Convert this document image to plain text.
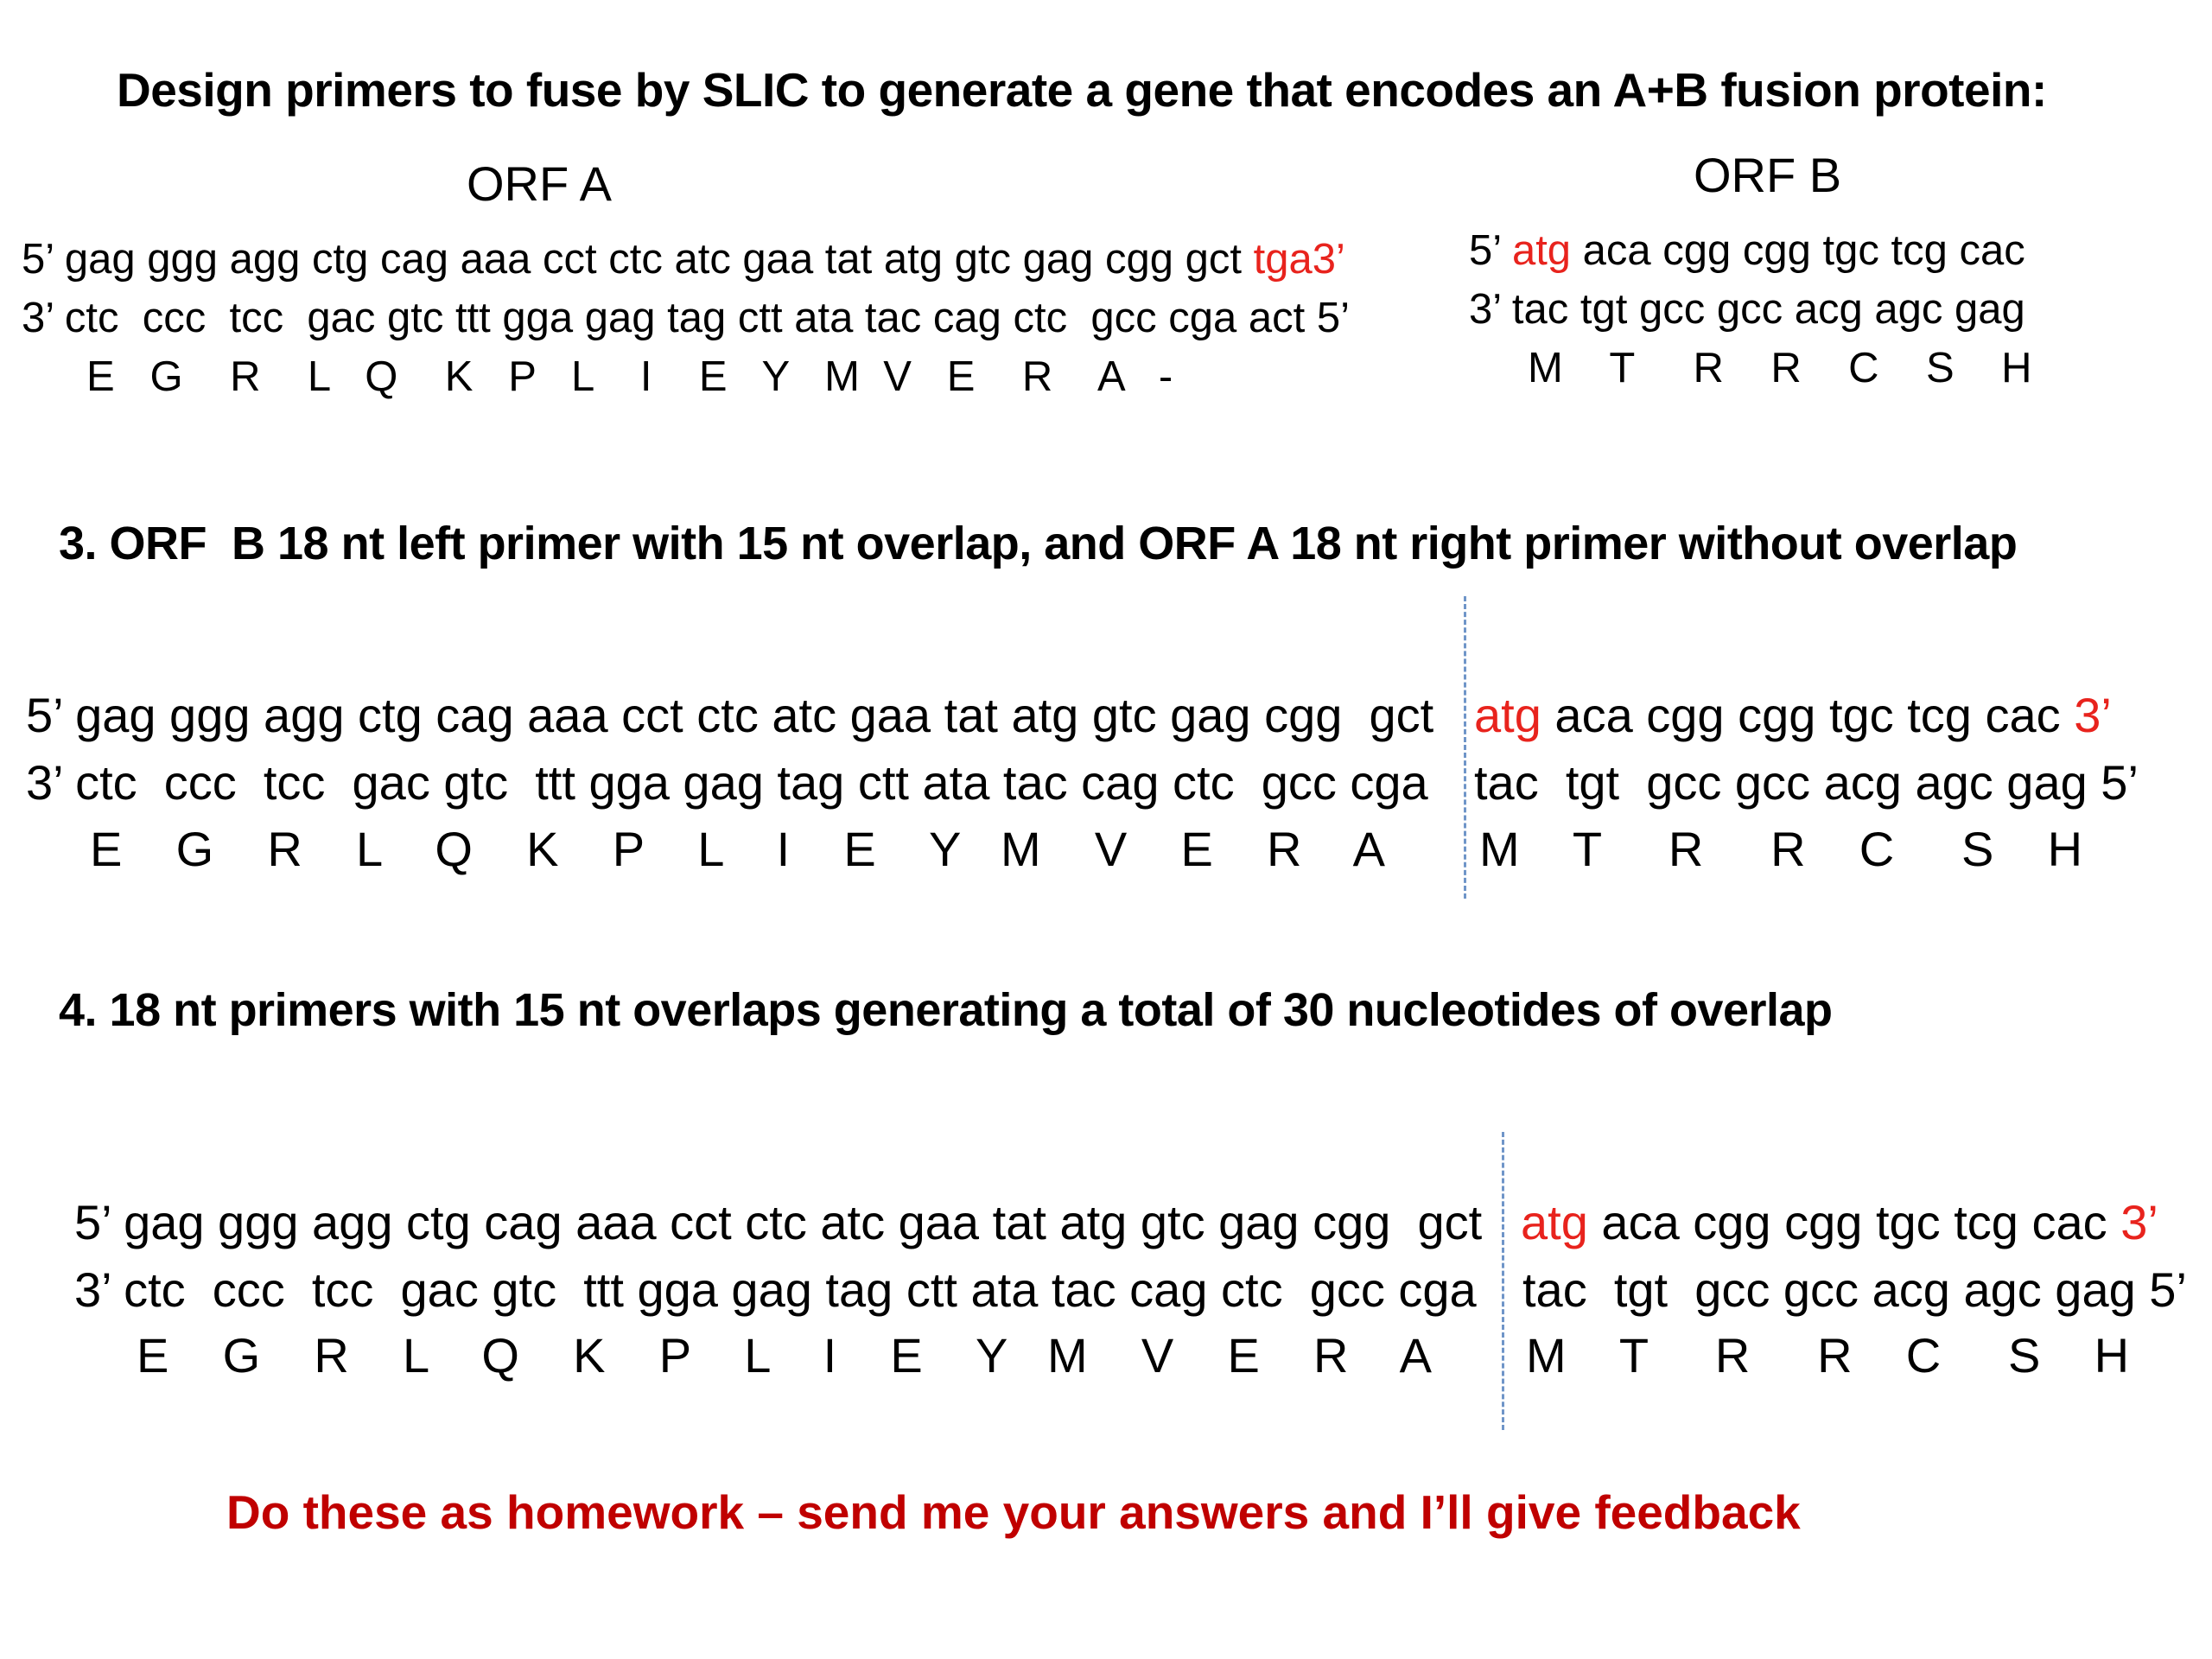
Design primers to fuse by SLIC to generate a gene that encodes an A+B fusion protein:
ORF A
5’ gag ggg agg ctg cag aaa cct ctc atc gaa tat atg gtc gag cgg gct tga3’
3’ ctc  ccc  tcc  gac gtc ttt gga gag tag ctt ata tac cag ctc  gcc cga act 5’
E   G    R    L   Q    K   P   L    I    E   Y   M  V   E    R    A   -
ORF B
5’ atg aca cgg cgg tgc tcg cac
3’ tac tgt gcc gcc acg agc gag
M    T     R    R    C    S    H
3. ORF  B 18 nt left primer with 15 nt overlap, and ORF A 18 nt right primer without overlap
5’ gag ggg agg ctg cag aaa cct ctc atc gaa tat atg gtc gag cgg  gct atg aca cgg cgg tgc tcg cac 3’
3’ ctc  ccc  tcc  gac gtc  ttt gga gag tag ctt ata tac cag ctc  gcc cga tac  tgt  gcc gcc acg agc gag 5’
E    G    R    L    Q    K    P    L    I    E    Y   M    V    E    R    A M    T     R     R    C     S    H
4. 18 nt primers with 15 nt overlaps generating a total of 30 nucleotides of overlap
5’ gag ggg agg ctg cag aaa cct ctc atc gaa tat atg gtc gag cgg  gct atg aca cgg cgg tgc tcg cac 3’
3’ ctc  ccc  tcc  gac gtc  ttt gga gag tag ctt ata tac cag ctc  gcc cga tac  tgt  gcc gcc acg agc gag 5’
E    G    R    L    Q    K    P    L    I    E    Y   M    V    E    R    A M    T     R     R    C     S    H
Do these as homework – send me your answers and I’ll give feedback
